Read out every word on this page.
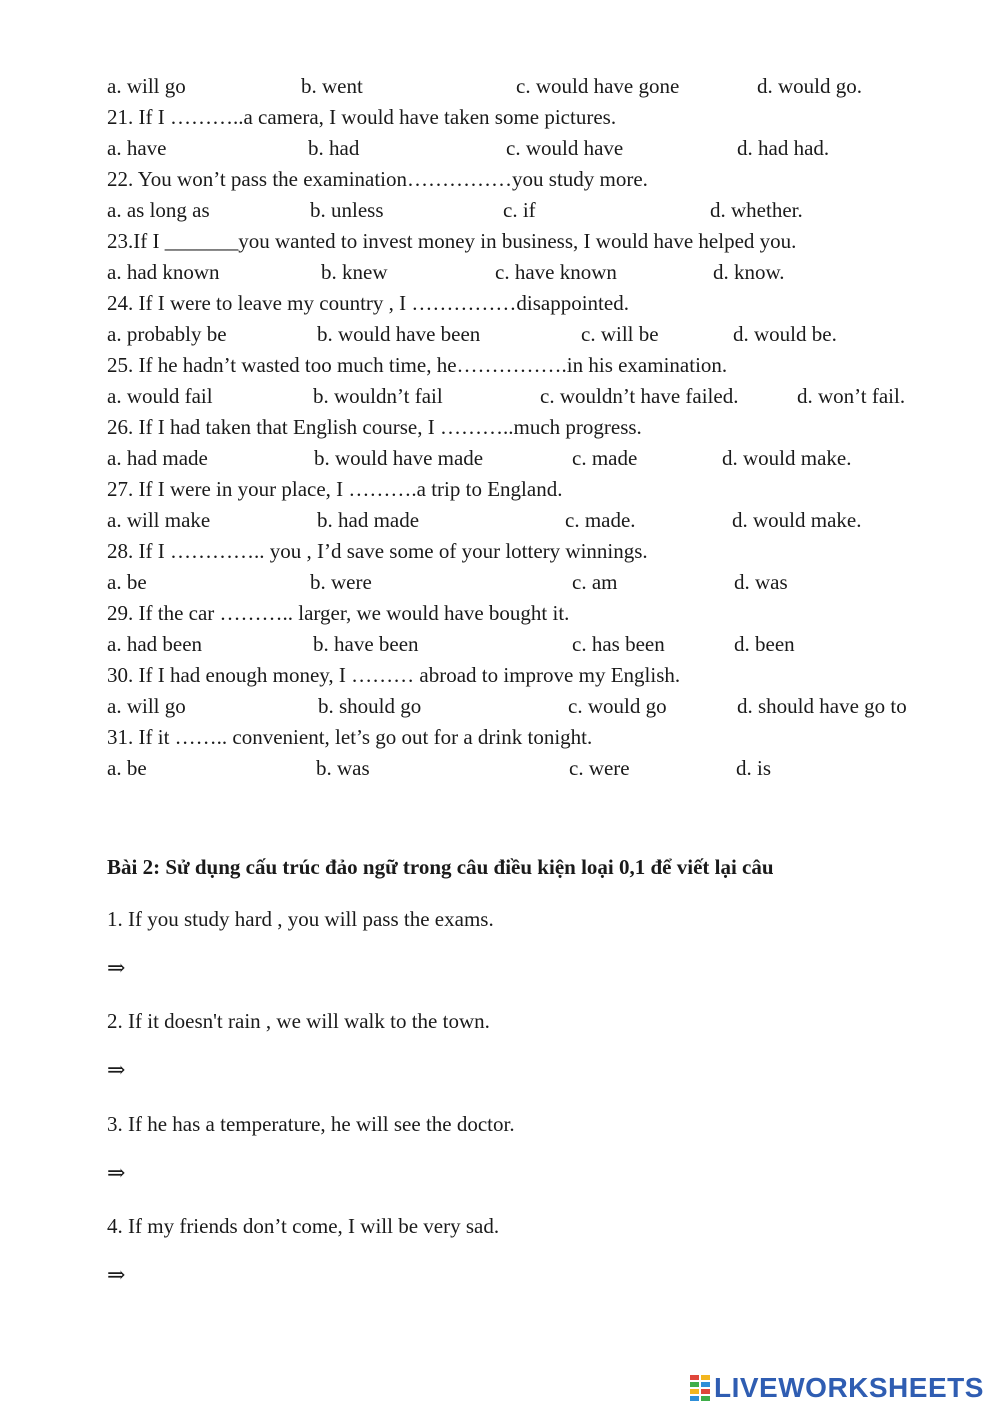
a. will go	b. went	c. would have gone	d. would go.
21. If I ………..a camera, I would have taken some pictures.
a. have	b. had	c. would have	d. had had.
22. You won’t pass the examination……………you study more.
a. as long as	b. unless	c. if	d. whether.
23.If I _______you wanted to invest money in business, I would have helped you.
a. had known	b. knew	c. have known	d. know.
24. If I were to leave my country , I ……………disappointed.
a. probably be	b. would have been	c. will be	d. would be.
25. If he hadn’t wasted too much time, he…………….in his examination.
a. would fail	b. wouldn’t fail	c. wouldn’t have failed.	d. won’t fail.
26. If I had taken that English course, I ………..much progress.
a. had made	b. would have made	c. made	d. would make.
27. If I were in your place, I ……….a trip to England.
a. will make	b. had made	c. made.	d. would make.
28. If I ………….. you , I’d save some of your lottery winnings.
a. be	b. were	c. am	d. was
29. If the car ……….. larger, we would have bought it.
a. had been	b. have been	c. has been	d. been
30. If I had enough money, I ……… abroad to improve my English.
a. will go	b. should go	c. would go	d. should have go to
31. If it …….. convenient, let’s go out for a drink tonight.
a. be	b. was	c. were	d. is
Bài 2: Sử dụng cấu trúc đảo ngữ trong câu điều kiện loại 0,1 để viết lại câu
1. If you study hard , you will pass the exams.
⇒
2. If it doesn't rain , we will walk to the town.
⇒
3. If he has a temperature, he will see the doctor.
⇒
4. If my friends don’t come, I will be very sad.
⇒
LIVEWORKSHEETS
